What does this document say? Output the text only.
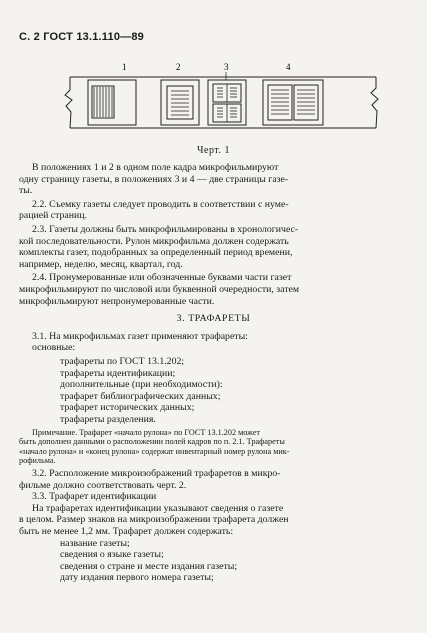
С. 2 ГОСТ 13.1.110—89
1	2	3	4
Черт. 1
В положениях 1 и 2 в одном поле кадра микрофильмируют
одну страницу газеты, в положениях 3 и 4 — две страницы газе-
ты.
2.2. Съемку газеты следует проводить в соответствии с нуме-
рацией страниц.
2.3. Газеты должны быть микрофильмированы в хронологичес-
кой последовательности. Рулон микрофильма должен содержать
комплекты газет, подобранных за определенный период времени,
например, неделю, месяц, квартал, год.
2.4. Пронумерованные или обозначенные буквами части газет
микрофильмируют по числовой или буквенной очередности, затем
микрофильмируют непронумерованные части.
3. ТРАФАРЕТЫ
3.1. На микрофильмах газет применяют трафареты:
основные:
трафареты по ГОСТ 13.1.202;
трафареты идентификации;
дополнительные (при необходимости):
трафарет библиографических данных;
трафарет исторических данных;
трафареты разделения.
Примечание. Трафарет «начало рулона» по ГОСТ 13.1.202 может
быть дополнен данными о расположении полей кадров по п. 2.1. Трафареты
«начало рулона» и «конец рулона» содержат инвентарный номер рулона мик-
рофильма.
3.2. Расположение микроизображений трафаретов в микро-
фильме должно соответствовать черт. 2.
3.3. Трафарет идентификации
На трафаретах идентификации указывают сведения о газете
в целом. Размер знаков на микроизображении трафарета должен
быть не менее 1,2 мм. Трафарет должен содержать:
название газеты;
сведения о языке газеты;
сведения о стране и месте издания газеты;
дату издания первого номера газеты;
